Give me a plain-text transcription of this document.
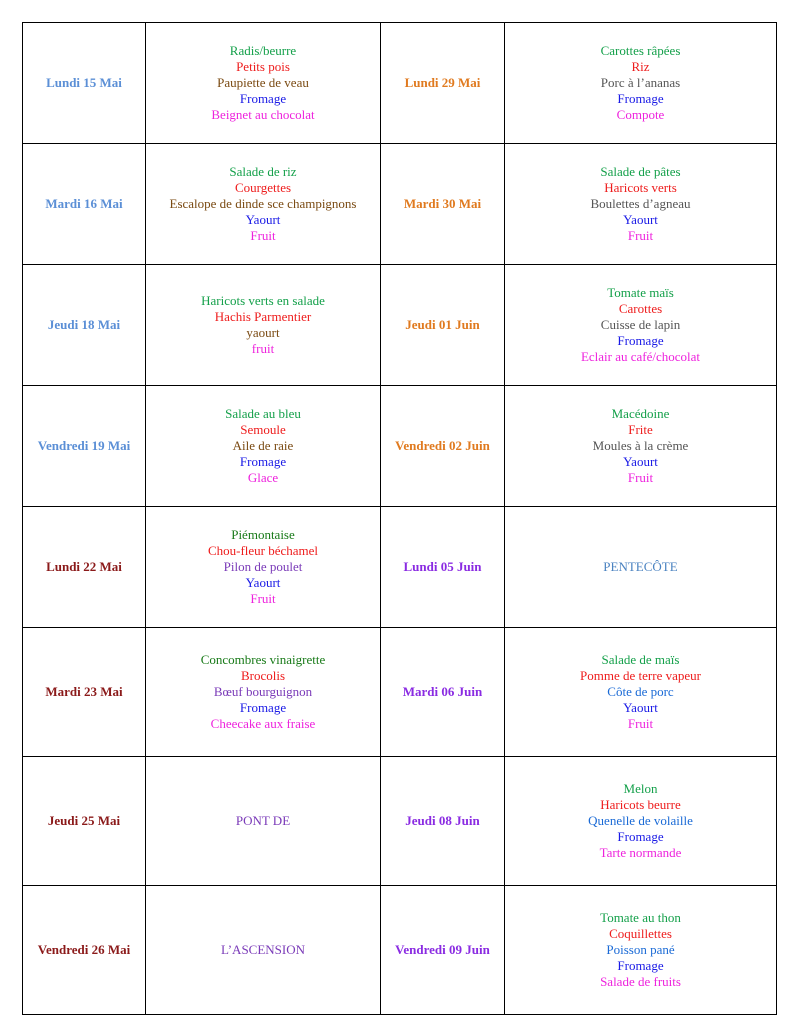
Lundi 15 Mai	Radis/beurre
Petits pois
Paupiette de veau
Fromage
Beignet au chocolat	Lundi 29 Mai	Carottes râpées
Riz
Porc à l’ananas
Fromage
Compote

Mardi 16 Mai	Salade de riz
Courgettes
Escalope de dinde sce champignons
Yaourt
Fruit	Mardi 30 Mai	Salade de pâtes
Haricots verts
Boulettes d’agneau
Yaourt
Fruit

Jeudi 18 Mai	Haricots verts en salade
Hachis Parmentier
yaourt
fruit	Jeudi 01 Juin	Tomate maïs
Carottes
Cuisse de lapin
Fromage
Eclair au café/chocolat

Vendredi 19 Mai	Salade au bleu
Semoule
Aile de raie
Fromage
Glace	Vendredi 02 Juin	Macédoine
Frite
Moules à la crème
Yaourt
Fruit

Lundi 22 Mai	Piémontaise
Chou-fleur béchamel
Pilon de poulet
Yaourt
Fruit	Lundi 05 Juin	PENTECÔTE
Mardi 23 Mai	Concombres vinaigrette
Brocolis
Bœuf bourguignon
Fromage
Cheecake aux fraise	Mardi 06 Juin	Salade de maïs
Pomme de terre vapeur
Côte de porc
Yaourt
Fruit

Jeudi 25 Mai	PONT DE	Jeudi 08 Juin	Melon
Haricots beurre
Quenelle de volaille
Fromage
Tarte normande

Vendredi 26 Mai	L’ASCENSION	Vendredi 09 Juin	Tomate au thon
Coquillettes
Poisson pané
Fromage
Salade de fruits
